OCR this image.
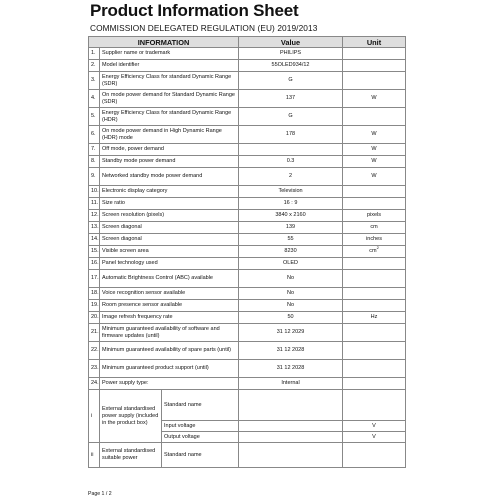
Product Information Sheet
COMMISSION DELEGATED REGULATION (EU) 2019/2013
INFORMATION			Value	Unit
1.	Supplier name or trademark		PHILIPS	
2.	Model identifier		55OLED934/12	
3.	Energy Efficiency Class for standard Dynamic Range (SDR)		G	
4.	On mode power demand for Standard Dynamic Range (SDR)		137	W
5.	Energy Efficiency Class for standard Dynamic Range (HDR)		G	
6.	On mode power demand in High Dynamic Range (HDR) mode		178	W
7.	Off mode, power demand			W
8.	Standby mode power demand		0.3	W
9.	Networked standby mode power demand		2	W
10.	Electronic display category		Television	
11.	Size ratio		16 : 9	
12.	Screen resolution (pixels)		3840 x 2160	pixels
13.	Screen diagonal		139	cm
14.	Screen diagonal		55	inches
15.	Visible screen area		8230	$cm^2$
16.	Panel technology used		OLED	
17.	Automatic Brightness Control (ABC) available		No	
18.	Voice recognition sensor available		No	
19.	Room presence sensor available		No	
20.	Image refresh frequency rate		50	Hz
21.	Minimum guaranteed availability of software and firmware updates (until)		31 12 2029	
22.	Minimum guaranteed availability of spare parts (until)		31 12 2028	
23.	Minimum guaranteed product support (until)		31 12 2028	
24.	Power supply type:		Internal	
i	External standardised power supply (included in the product box)	Standard name		
		Input voltage		V
		Output voltage		V
ii	External standardised suitable power	Standard name		
Page 1 / 2
